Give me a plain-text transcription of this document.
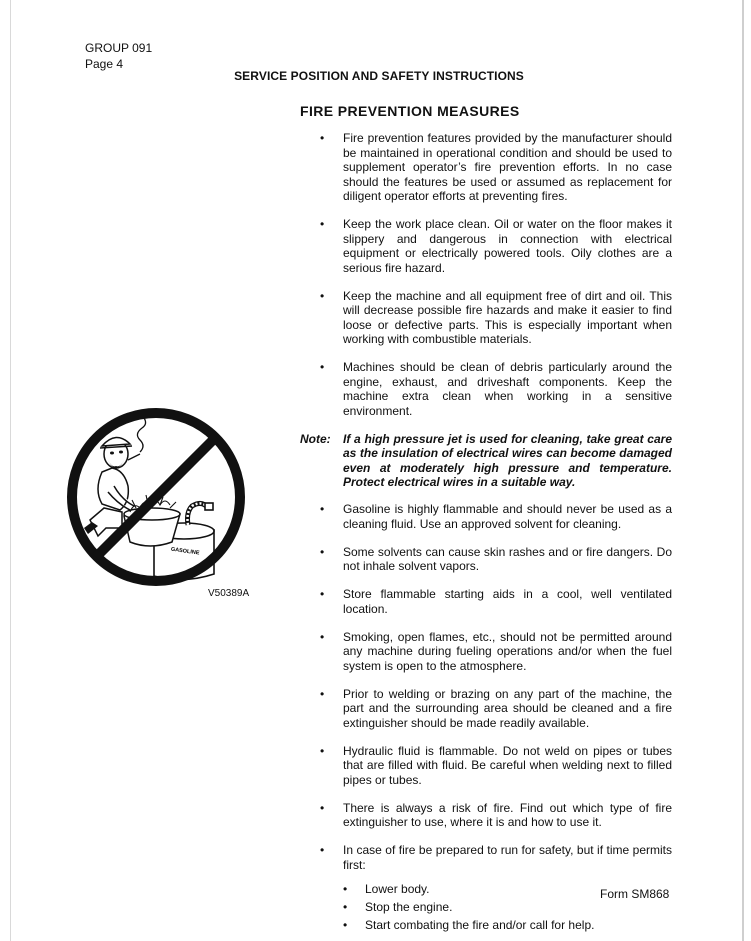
GROUP 091
Page 4
SERVICE POSITION AND SAFETY INSTRUCTIONS
FIRE PREVENTION MEASURES
•	Fire prevention features provided by the manufacturer should be maintained in operational condition and should be used to supplement operator’s fire prevention efforts. In no case should the features be used or assumed as replacement for diligent operator efforts at preventing fires.
•	Keep the work place clean. Oil or water on the floor makes it slippery and dangerous in connection with electrical equipment or electrically powered tools. Oily clothes are a serious fire hazard.
•	Keep the machine and all equipment free of dirt and oil. This will decrease possible fire hazards and make it easier to find loose or defective parts. This is especially important when working with combustible materials.
•	Machines should be clean of debris particularly around the engine, exhaust, and driveshaft components. Keep the machine extra clean when working in a sensitive environment.
Note:	If a high pressure jet is used for cleaning, take great care as the insulation of electrical wires can become damaged even at moderately high pressure and temperature. Protect electrical wires in a suitable way.
•	Gasoline is highly flammable and should never be used as a cleaning fluid. Use an approved solvent for cleaning.
•	Some solvents can cause skin rashes and or fire dangers. Do not inhale solvent vapors.
•	Store flammable starting aids in a cool, well ventilated location.
•	Smoking, open flames, etc., should not be permitted around any machine during fueling operations and/or when the fuel system is open to the atmosphere.
•	Prior to welding or brazing on any part of the machine, the part and the surrounding area should be cleaned and a fire extinguisher should be made readily available.
•	Hydraulic fluid is flammable. Do not weld on pipes or tubes that are filled with fluid. Be careful when welding next to filled pipes or tubes.
•	There is always a risk of fire. Find out which type of fire extinguisher to use, where it is and how to use it.
•	In case of fire be prepared to run for safety, but if time permits first:
•	Lower body.
•	Stop the engine.
•	Start combating the fire and/or call for help.
GASOLINE
V50389A
Form SM868
